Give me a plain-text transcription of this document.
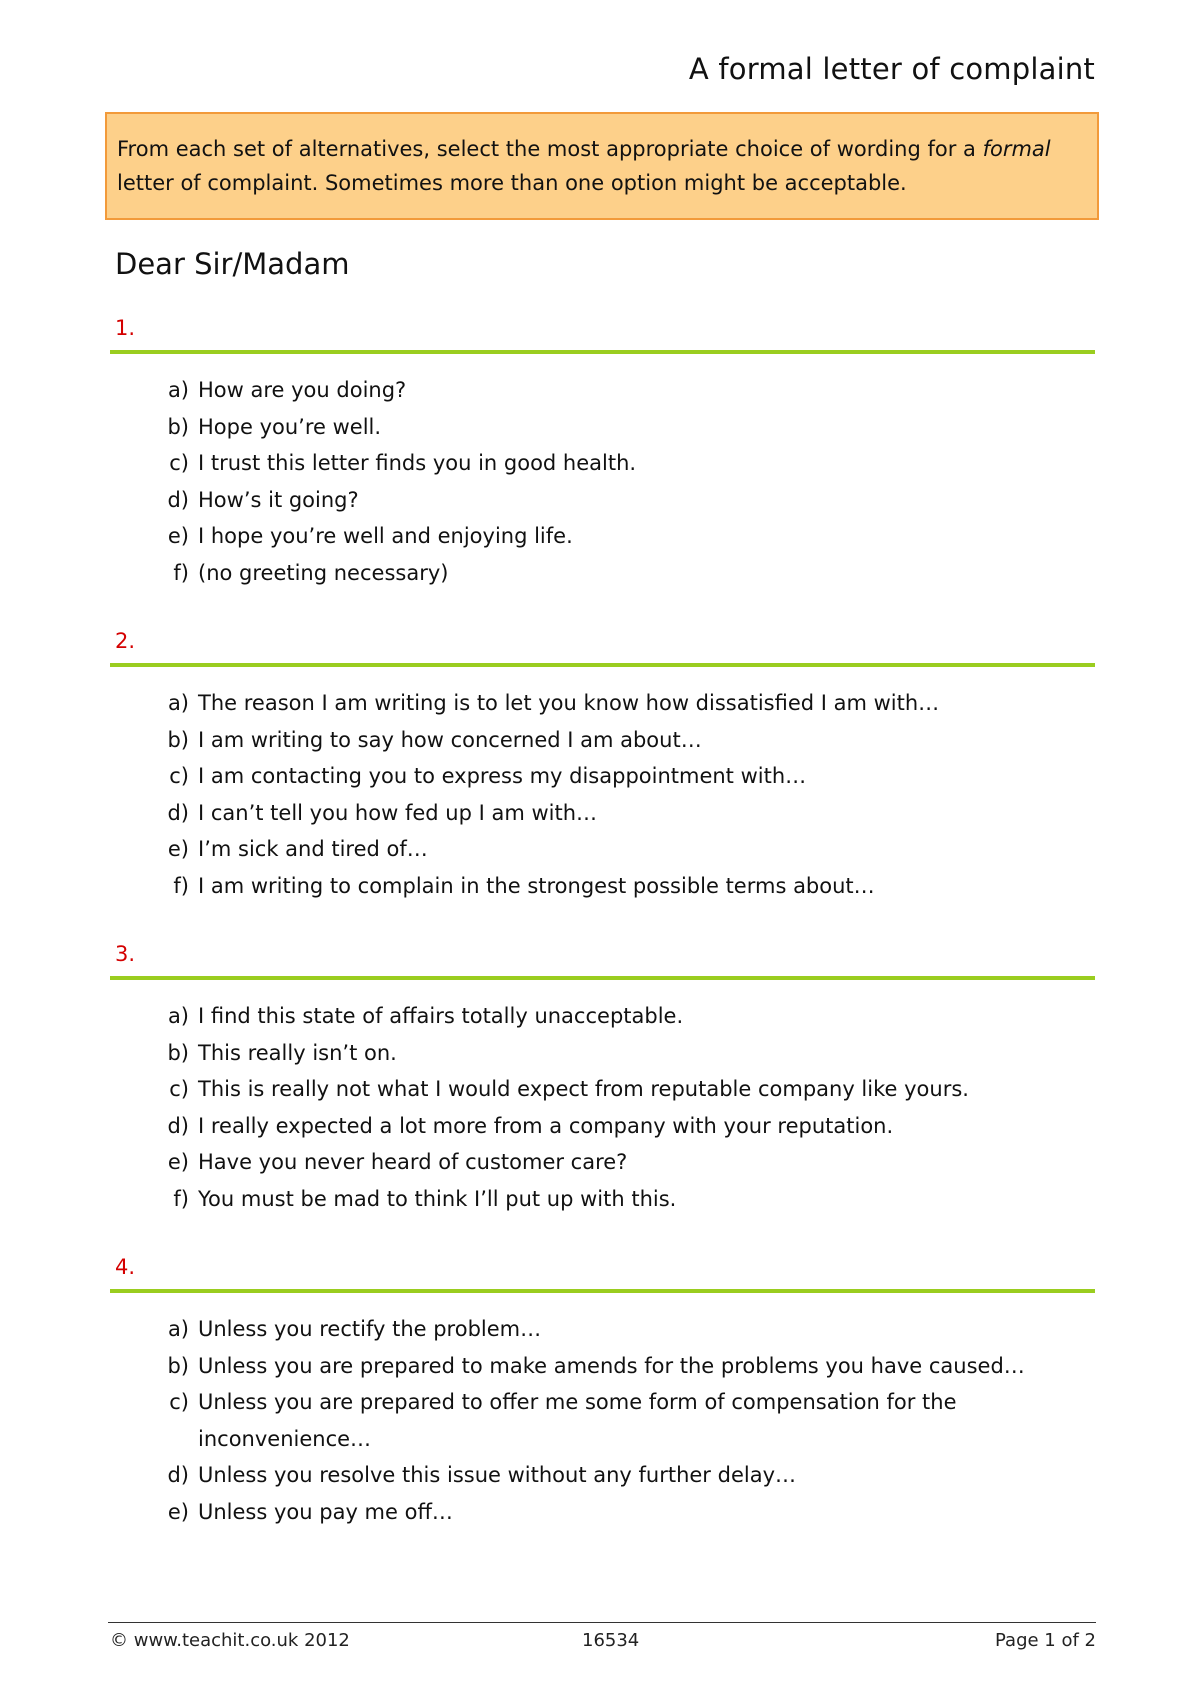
A formal letter of complaint
From each set of alternatives, select the most appropriate choice of wording for a formal letter of complaint. Sometimes more than one option might be acceptable.
Dear Sir/Madam
1.
a) How are you doing?
b) Hope you’re well.
c) I trust this letter finds you in good health.
d) How’s it going?
e) I hope you’re well and enjoying life.
f) (no greeting necessary)
2.
a) The reason I am writing is to let you know how dissatisfied I am with…
b) I am writing to say how concerned I am about…
c) I am contacting you to express my disappointment with…
d) I can’t tell you how fed up I am with…
e) I’m sick and tired of…
f) I am writing to complain in the strongest possible terms about…
3.
a) I find this state of affairs totally unacceptable.
b) This really isn’t on.
c) This is really not what I would expect from reputable company like yours.
d) I really expected a lot more from a company with your reputation.
e) Have you never heard of customer care?
f) You must be mad to think I’ll put up with this.
4.
a) Unless you rectify the problem…
b) Unless you are prepared to make amends for the problems you have caused…
c) Unless you are prepared to offer me some form of compensation for the inconvenience…
d) Unless you resolve this issue without any further delay…
e) Unless you pay me off…
© www.teachit.co.uk 2012	16534	Page 1 of 2
